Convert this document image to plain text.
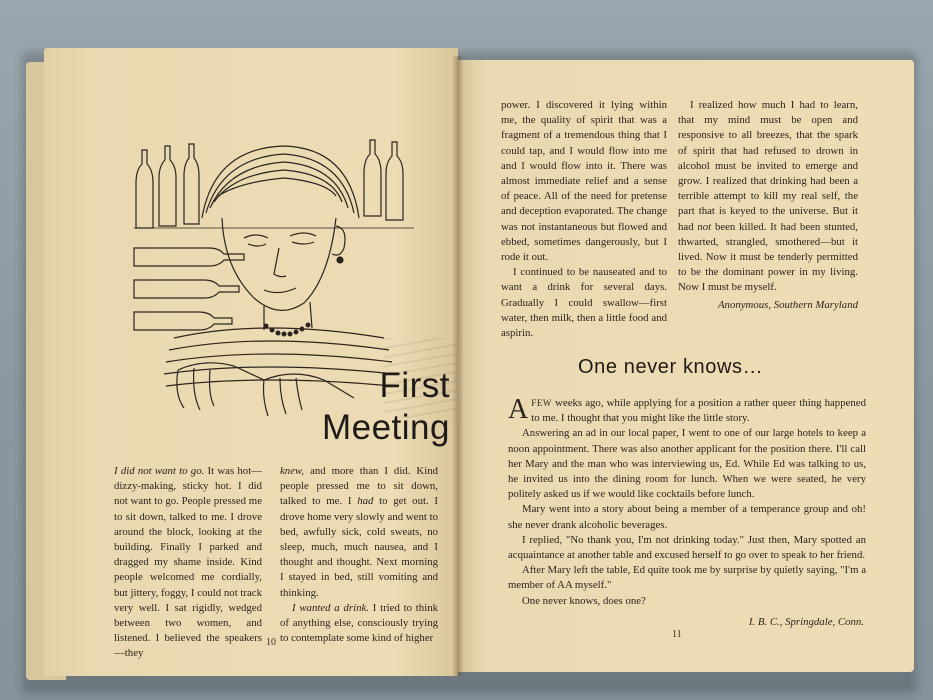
First
Meeting

I did not want to go. It was hot—dizzy-making, sticky hot. I did not want to go. People pressed me to sit down, talked to me. I drove around the block, looking at the building. Finally I parked and dragged my shame inside. Kind people welcomed me cordially, but jittery, foggy, I could not track very well. I sat rigidly, wedged between two women, and listened. I believed the speakers—they

knew, and more than I did. Kind people pressed me to sit down, talked to me. I had to get out. I drove home very slowly and went to bed, awfully sick, cold sweats, no sleep, much, much nausea, and I thought and thought. Next morning I stayed in bed, still vomiting and thinking.

I wanted a drink. I tried to think of anything else, consciously trying to contemplate some kind of higher

10

power. I discovered it lying within me, the quality of spirit that was a fragment of a tremendous thing that I could tap, and I would flow into me and I would flow into it. There was almost immediate relief and a sense of peace. All of the need for pretense and deception evaporated. The change was not instantaneous but flowed and ebbed, sometimes dangerously, but I rode it out.

I continued to be nauseated and to want a drink for several days. Gradually I could swallow—first water, then milk, then a little food and aspirin.

I realized how much I had to learn, that my mind must be open and responsive to all breezes, that the spark of spirit that had refused to drown in alcohol must be invited to emerge and grow. I realized that drinking had been a terrible attempt to kill my real self, the part that is keyed to the universe. But it had not been killed. It had been stunted, thwarted, strangled, smothered—but it lived. Now it must be tenderly permitted to be the dominant power in my living. Now I must be myself.

Anonymous, Southern Maryland

One never knows…

AFEW weeks ago, while applying for a position a rather queer thing happened to me. I thought that you might like the little story.

Answering an ad in our local paper, I went to one of our large hotels to keep a noon appointment. There was also another applicant for the position there. I'll call her Mary and the man who was interviewing us, Ed. While Ed was talking to us, he invited us into the dining room for lunch. When we were seated, he very politely asked us if we would like cocktails before lunch.

Mary went into a story about being a member of a temperance group and oh! she never drank alcoholic beverages.

I replied, "No thank you, I'm not drinking today." Just then, Mary spotted an acquaintance at another table and excused herself to go over to speak to her friend.

After Mary left the table, Ed quite took me by surprise by quietly saying, "I'm a member of AA myself."

One never knows, does one?

I. B. C., Springdale, Conn.

11
